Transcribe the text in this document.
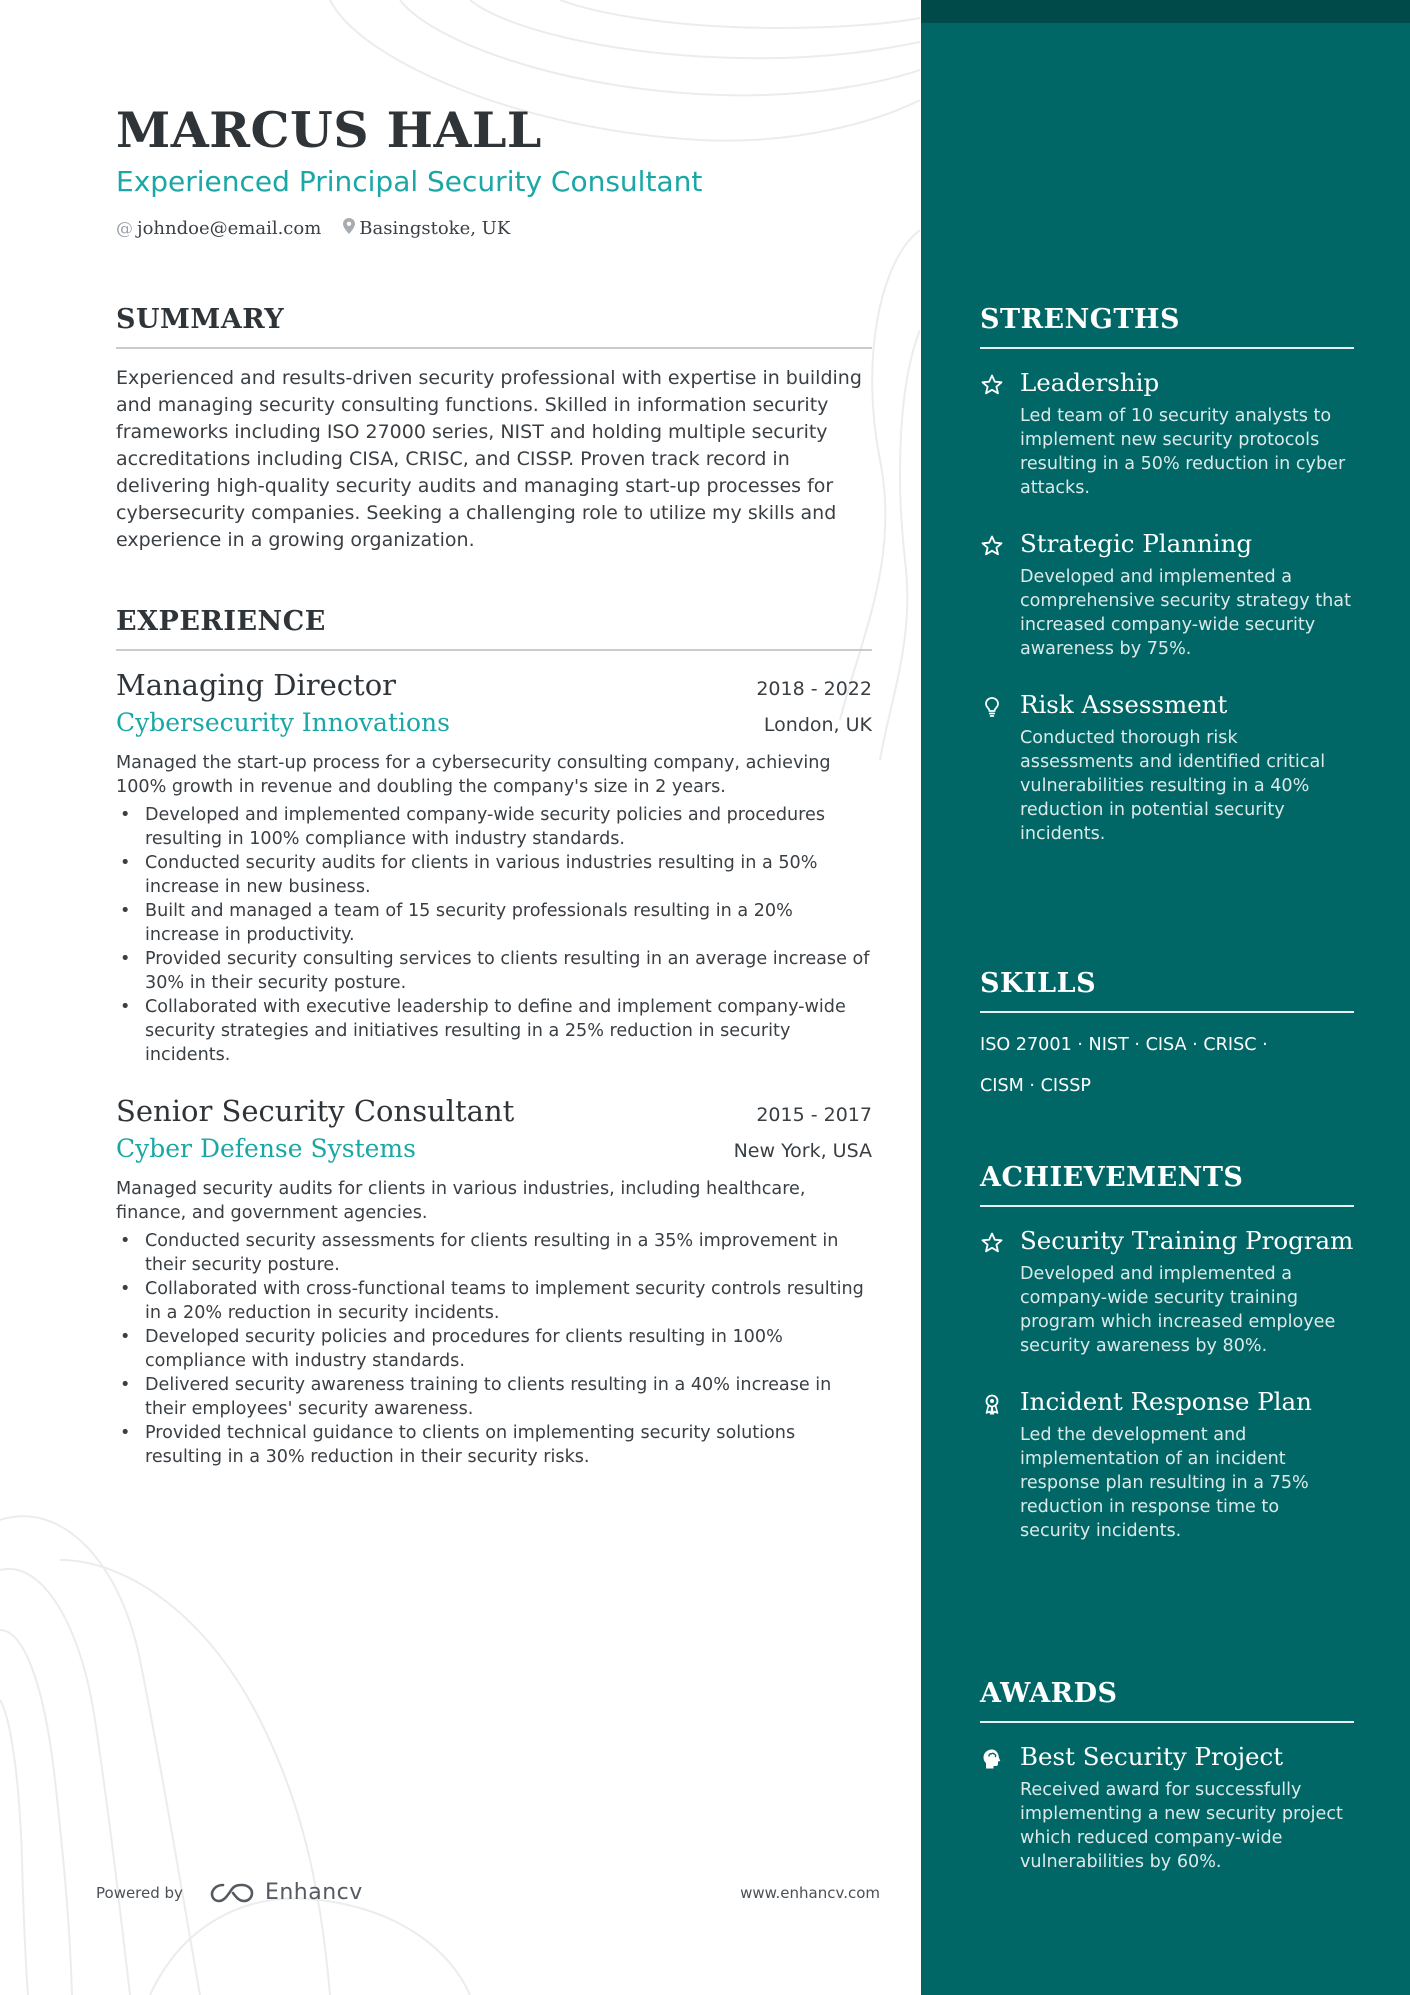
MARCUS HALL
Experienced Principal Security Consultant
@ johndoe@email.com Basingstoke, UK
SUMMARY

Experienced and results-driven security professional with expertise in building and managing security consulting functions. Skilled in information security frameworks including ISO 27000 series, NIST and holding multiple security accreditations including CISA, CRISC, and CISSP. Proven track record in delivering high-quality security audits and managing start-up processes for cybersecurity companies. Seeking a challenging role to utilize my skills and experience in a growing organization.

EXPERIENCE
Managing Director	2018 - 2022
Cybersecurity Innovations	London, UK
Managed the start-up process for a cybersecurity consulting company, achieving 100% growth in revenue and doubling the company's size in 2 years.
• Developed and implemented company-wide security policies and procedures resulting in 100% compliance with industry standards.
• Conducted security audits for clients in various industries resulting in a 50% increase in new business.
• Built and managed a team of 15 security professionals resulting in a 20% increase in productivity.
• Provided security consulting services to clients resulting in an average increase of 30% in their security posture.
• Collaborated with executive leadership to define and implement company-wide security strategies and initiatives resulting in a 25% reduction in security incidents.
Senior Security Consultant	2015 - 2017
Cyber Defense Systems	New York, USA
Managed security audits for clients in various industries, including healthcare, finance, and government agencies.
• Conducted security assessments for clients resulting in a 35% improvement in their security posture.
• Collaborated with cross-functional teams to implement security controls resulting in a 20% reduction in security incidents.
• Developed security policies and procedures for clients resulting in 100% compliance with industry standards.
• Delivered security awareness training to clients resulting in a 40% increase in their employees' security awareness.
• Provided technical guidance to clients on implementing security solutions resulting in a 30% reduction in their security risks.
Powered by	Enhancv	www.enhancv.com
STRENGTHS
Leadership
Led team of 10 security analysts to implement new security protocols resulting in a 50% reduction in cyber attacks.
Strategic Planning
Developed and implemented a comprehensive security strategy that increased company-wide security awareness by 75%.
Risk Assessment
Conducted thorough risk assessments and identified critical vulnerabilities resulting in a 40% reduction in potential security incidents.
SKILLS
ISO 27001 · NIST · CISA · CRISC ·
CISM · CISSP
ACHIEVEMENTS
Security Training Program
Developed and implemented a company-wide security training program which increased employee security awareness by 80%.
Incident Response Plan
Led the development and implementation of an incident response plan resulting in a 75% reduction in response time to security incidents.
AWARDS
Best Security Project
Received award for successfully implementing a new security project which reduced company-wide vulnerabilities by 60%.
